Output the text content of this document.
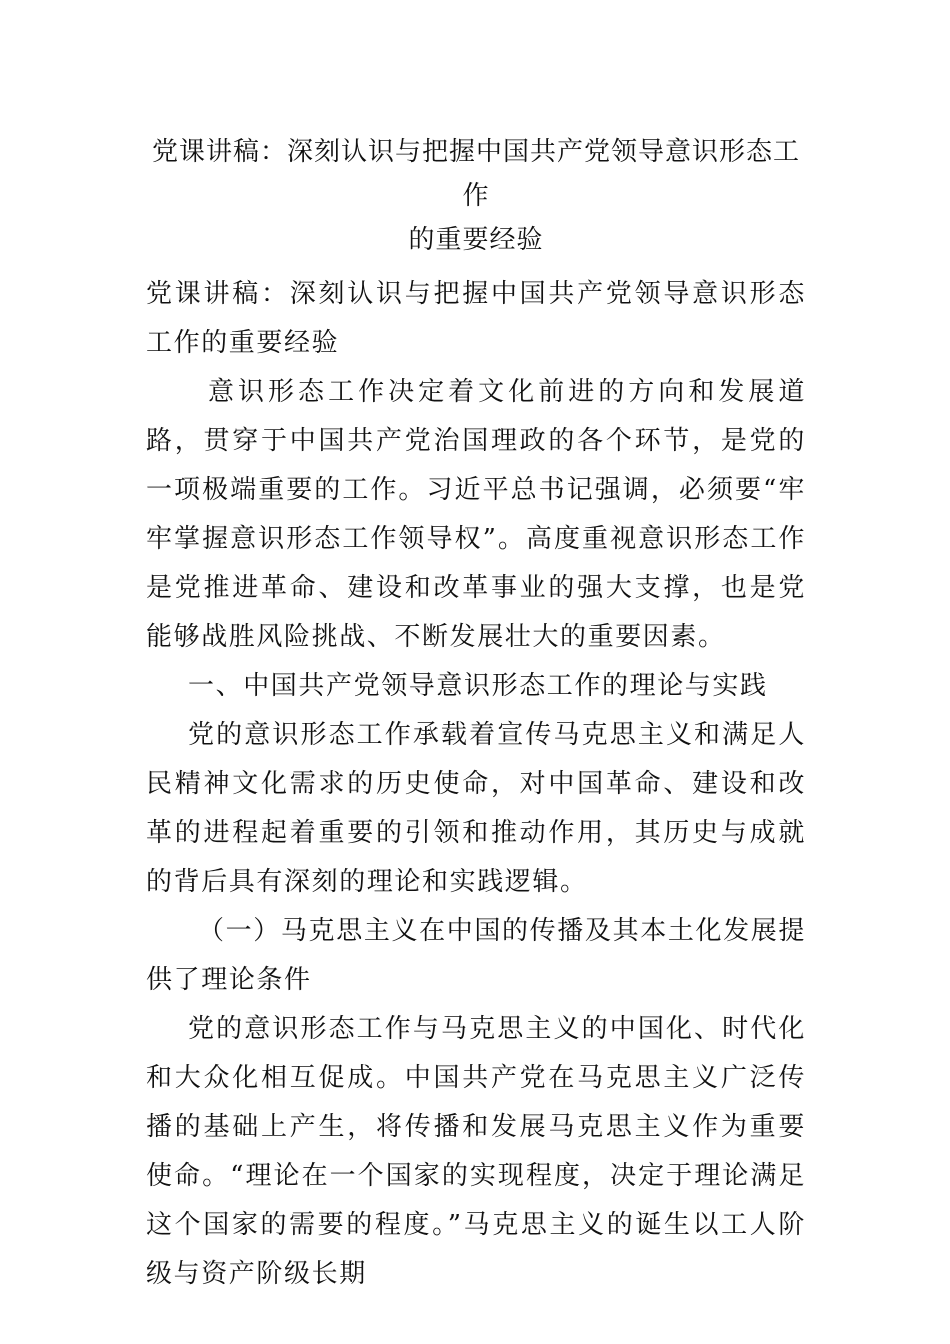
党课讲稿：深刻认识与把握中国共产党领导意识形态工作
的重要经验

党课讲稿：深刻认识与把握中国共产党领导意识形态工作的重要经验

意识形态工作决定着文化前进的方向和发展道路，贯穿于中国共产党治国理政的各个环节，是党的一项极端重要的工作。习近平总书记强调，必须要“牢牢掌握意识形态工作领导权”。高度重视意识形态工作是党推进革命、建设和改革事业的强大支撑，也是党能够战胜风险挑战、不断发展壮大的重要因素。

一、中国共产党领导意识形态工作的理论与实践

党的意识形态工作承载着宣传马克思主义和满足人民精神文化需求的历史使命，对中国革命、建设和改革的进程起着重要的引领和推动作用，其历史与成就的背后具有深刻的理论和实践逻辑。

（一）马克思主义在中国的传播及其本土化发展提供了理论条件

党的意识形态工作与马克思主义的中国化、时代化和大众化相互促成。中国共产党在马克思主义广泛传播的基础上产生，将传播和发展马克思主义作为重要使命。“理论在一个国家的实现程度，决定于理论满足这个国家的需要的程度。”马克思主义的诞生以工人阶级与资产阶级长期
